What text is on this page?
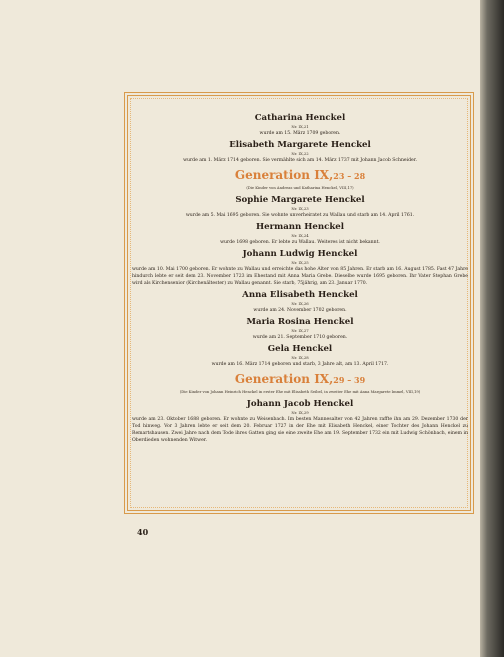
Catharina Henckel

Nr. IX,21

wurde am 15. März 1709 geboren.

Elisabeth Margarete Henckel

Nr. IX,22

wurde am 1. März 1714 geboren. Sie vermählte sich am 14. März 1737 mit Johann Jacob Schneider.

Generation IX,23 – 28

(Die Kinder von Andreas und Katharina Henckel, VIII,17)

Sophie Margarete Henckel

Nr. IX,23

wurde am 5. Mai 1695 geboren. Sie wohnte unverheiratet zu Wallau und starb am 14. April 1761.

Hermann Henckel

Nr. IX,24

wurde 1698 geboren. Er lebte zu Wallau. Weiteres ist nicht bekannt.

Johann Ludwig Henckel

Nr. IX,25

wurde am 10. Mai 1700 geboren. Er wohnte zu Wallau und erreichte das hohe Alter von 85 Jahren. Er starb am 16. August 1785. Fast 47 Jahre hindurch lebte er seit dem 23. November 1723 im Ehestand mit Anna Maria Grebe. Dieselbe wurde 1695 geboren. Ihr Vater Stephan Grebe wird als Kirchensenior (Kirchenältester) zu Wallau genannt. Sie starb, 75jährig, am 23. Januar 1770.

Anna Elisabeth Henckel

Nr. IX,26

wurde am 24. November 1702 geboren.

Maria Rosina Henckel

Nr. IX,27

wurde am 21. September 1710 geboren.

Gela Henckel

Nr. IX,28

wurde am 16. März 1714 geboren und starb, 3 Jahre alt, am 13. April 1717.

Generation IX,29 – 39

(Die Kinder von Johann Heinrich Henckel in erster Ehe mit Elisabeth Seibel, in zweiter Ehe mit Anna Margarete Immel, VIII,19)

Johann Jacob Henckel

Nr. IX,29

wurde am 23. Oktober 1688 geboren. Er wohnte zu Weisenbach. Im besten Mannesalter von 42 Jahren raffte ihn am 29. Dezember 1730 der Tod hinweg. Vor 3 Jahren lebte er seit dem 20. Februar 1727 in der Ehe mit Elisabeth Henckel, einer Tochter des Johann Henckel zu Remartshausen. Zwei Jahre nach dem Tode ihres Gatten ging sie eine zweite Ehe am 19. September 1732 ein mit Ludwig Schönbach, einem in Oberdieden wohnenden Witwer.

40
